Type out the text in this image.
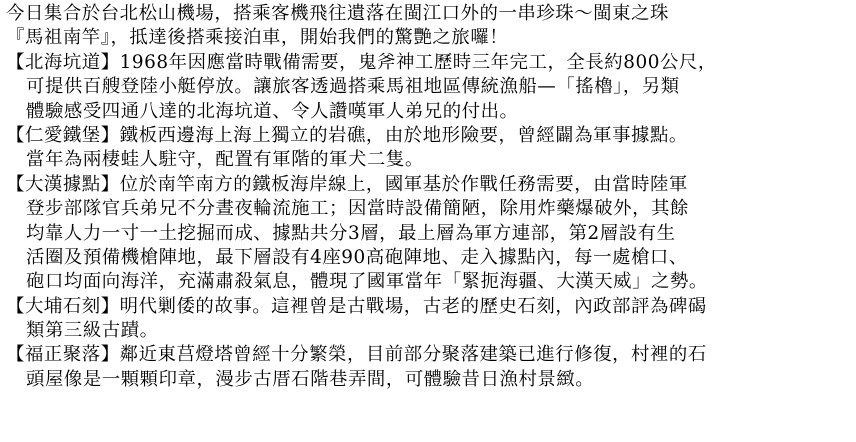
今日集合於台北松山機場，搭乘客機飛往遺落在閩江口外的一串珍珠～閩東之珠
『馬祖南竿』，抵達後搭乘接泊車，開始我們的驚艷之旅囉！
【北海坑道】1968年因應當時戰備需要，鬼斧神工歷時三年完工，全長約800公尺，
可提供百艘登陸小艇停放。讓旅客透過搭乘馬祖地區傳統漁船—「搖櫓」，另類
體驗感受四通八達的北海坑道、令人讚嘆軍人弟兄的付出。
【仁愛鐵堡】鐵板西邊海上海上獨立的岩礁，由於地形險要，曾經闢為軍事據點。
當年為兩棲蛙人駐守，配置有軍階的軍犬二隻。
【大漢據點】位於南竿南方的鐵板海岸線上，國軍基於作戰任務需要，由當時陸軍
登步部隊官兵弟兄不分晝夜輪流施工；因當時設備簡陋，除用炸藥爆破外，其餘
均靠人力一寸一土挖掘而成、據點共分3層，最上層為軍方連部，第2層設有生
活圈及預備機槍陣地，最下層設有4座90高砲陣地、走入據點內，每一處槍口、
砲口均面向海洋，充滿肅殺氣息，體現了國軍當年「緊扼海疆、大漢天威」之勢。
【大埔石刻】明代剿倭的故事。這裡曾是古戰場，古老的歷史石刻，內政部評為碑碣
類第三級古蹟。
【福正聚落】鄰近東莒燈塔曾經十分繁榮，目前部分聚落建築已進行修復，村裡的石
頭屋像是一顆顆印章，漫步古厝石階巷弄間，可體驗昔日漁村景緻。
